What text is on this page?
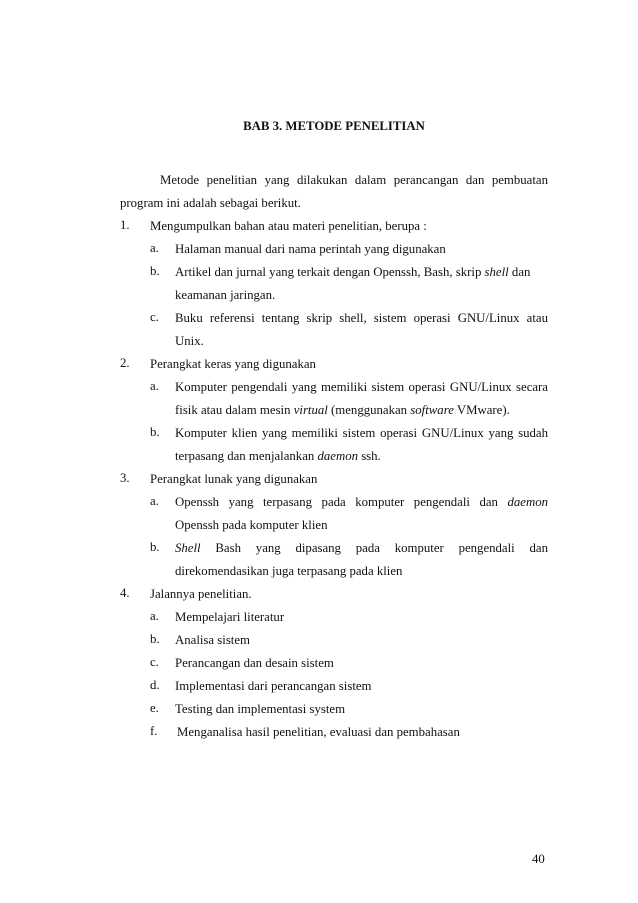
BAB 3. METODE PENELITIAN
Metode penelitian yang dilakukan dalam perancangan dan pembuatan
program ini adalah sebagai berikut.
1. Mengumpulkan bahan atau materi penelitian, berupa :
a. Halaman manual dari nama perintah yang digunakan
b. Artikel dan jurnal yang terkait dengan Openssh, Bash, skrip shell dan
keamanan jaringan.
c. Buku referensi tentang skrip shell, sistem operasi GNU/Linux atau
Unix.
2. Perangkat keras yang digunakan
a. Komputer pengendali yang memiliki sistem operasi GNU/Linux secara
fisik atau dalam mesin virtual (menggunakan software VMware).
b. Komputer klien yang memiliki sistem operasi GNU/Linux yang sudah
terpasang dan menjalankan daemon ssh.
3. Perangkat lunak yang digunakan
a. Openssh yang terpasang pada komputer pengendali dan daemon
Openssh pada komputer klien
b. Shell Bash yang dipasang pada komputer pengendali dan
direkomendasikan juga terpasang pada klien
4. Jalannya penelitian.
a. Mempelajari literatur
b. Analisa sistem
c. Perancangan dan desain sistem
d. Implementasi dari perancangan sistem
e. Testing dan implementasi system
f. Menganalisa hasil penelitian, evaluasi dan pembahasan
40
